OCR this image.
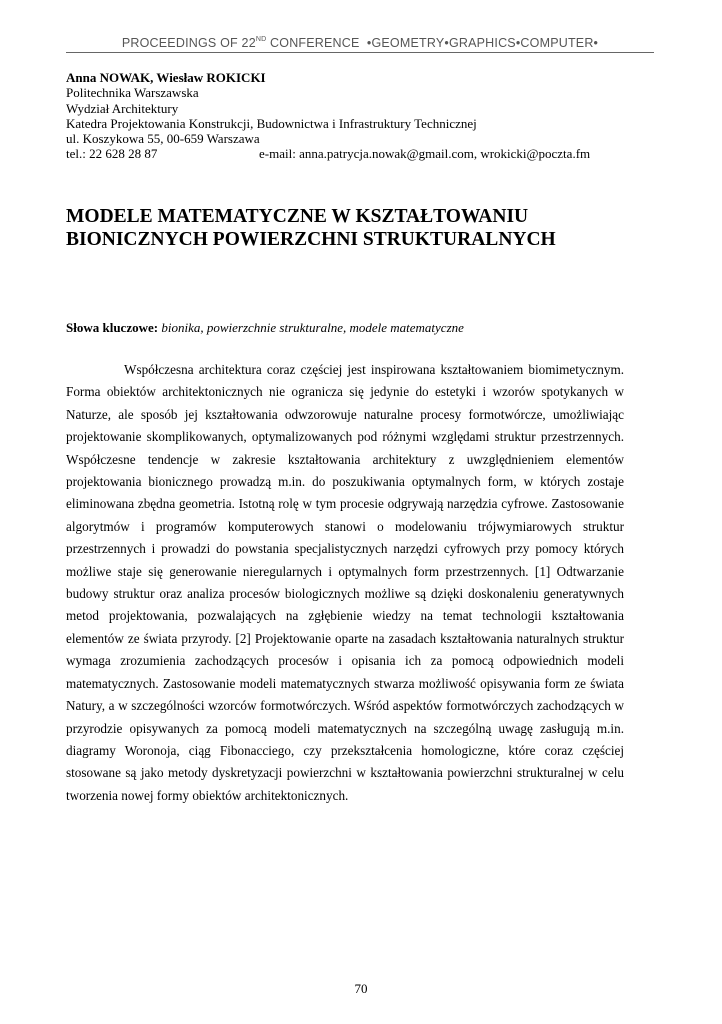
PROCEEDINGS OF 22ND CONFERENCE  •GEOMETRY•GRAPHICS•COMPUTER•
Anna NOWAK, Wiesław ROKICKI
Politechnika Warszawska
Wydział Architektury
Katedra Projektowania Konstrukcji, Budownictwa i Infrastruktury Technicznej
ul. Koszykowa 55, 00-659 Warszawa
tel.: 22 628 28 87	e-mail: anna.patrycja.nowak@gmail.com, wrokicki@poczta.fm
MODELE MATEMATYCZNE W KSZTAŁTOWANIU
BIONICZNYCH POWIERZCHNI STRUKTURALNYCH
Słowa kluczowe: bionika, powierzchnie strukturalne, modele matematyczne
Współczesna architektura coraz częściej jest inspirowana kształtowaniem biomimetycznym. Forma obiektów architektonicznych nie ogranicza się jedynie do estetyki i wzorów spotykanych w Naturze, ale sposób jej kształtowania odwzorowuje naturalne procesy formotwórcze, umożliwiając projektowanie skomplikowanych, optymalizowanych pod różnymi względami struktur przestrzennych. Współczesne tendencje w zakresie kształtowania architektury z uwzględnieniem elementów projektowania bionicznego prowadzą m.in. do poszukiwania optymalnych form, w których zostaje eliminowana zbędna geometria. Istotną rolę w tym procesie odgrywają narzędzia cyfrowe. Zastosowanie algorytmów i programów komputerowych stanowi o modelowaniu trójwymiarowych struktur przestrzennych i prowadzi do powstania specjalistycznych narzędzi cyfrowych przy pomocy których możliwe staje się generowanie nieregularnych i optymalnych form przestrzennych. [1] Odtwarzanie budowy struktur oraz analiza procesów biologicznych możliwe są dzięki doskonaleniu generatywnych metod projektowania, pozwalających na zgłębienie wiedzy na temat technologii kształtowania elementów ze świata przyrody. [2] Projektowanie oparte na zasadach kształtowania naturalnych struktur wymaga zrozumienia zachodzących procesów i opisania ich za pomocą odpowiednich modeli matematycznych. Zastosowanie modeli matematycznych stwarza możliwość opisywania form ze świata Natury, a w szczególności wzorców formotwórczych. Wśród aspektów formotwórczych zachodzących w przyrodzie opisywanych za pomocą modeli matematycznych na szczególną uwagę zasługują m.in. diagramy Woronoja, ciąg Fibonacciego, czy przekształcenia homologiczne, które coraz częściej stosowane są jako metody dyskretyzacji powierzchni w kształtowania powierzchni strukturalnej w celu tworzenia nowej formy obiektów architektonicznych.
70
